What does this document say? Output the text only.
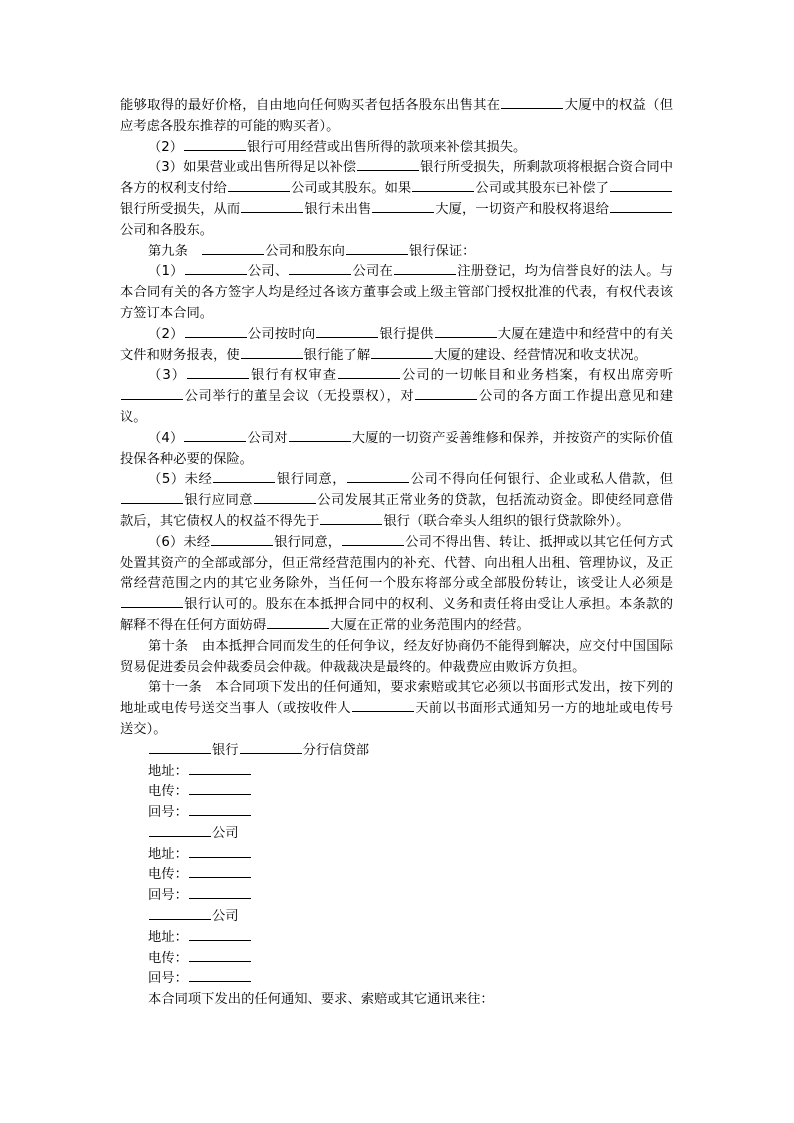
能够取得的最好价格，自由地向任何购买者包括各股东出售其在	大厦中的权益（但应考虑各股东推荐的可能的购买者）。

（2）	银行可用经营或出售所得的款项来补偿其损失。

（3）如果营业或出售所得足以补偿	银行所受损失，所剩款项将根据合资合同中各方的权利支付给	公司或其股东。如果	公司或其股东已补偿了银行所受损失，从而	银行未出售	大厦，一切资产和股权将退给公司和各股东。

第九条　	公司和股东向	银行保证：

（1）	公司、	公司在	注册登记，均为信誉良好的法人。与本合同有关的各方签字人均是经过各该方董事会或上级主管部门授权批准的代表，有权代表该方签订本合同。

（2）	公司按时向	银行提供	大厦在建造中和经营中的有关文件和财务报表，使	银行能了解	大厦的建设、经营情况和收支状况。

（3）	银行有权审查	公司的一切帐目和业务档案，有权出席旁听公司举行的董呈会议（无投票权），对	公司的各方面工作提出意见和建议。

（4）	公司对	大厦的一切资产妥善维修和保养，并按资产的实际价值投保各种必要的保险。

（5）未经	银行同意，	公司不得向任何银行、企业或私人借款，但银行应同意	公司发展其正常业务的贷款，包括流动资金。即使经同意借款后，其它债权人的权益不得先于	银行（联合牵头人组织的银行贷款除外）。

（6）未经	银行同意，	公司不得出售、转让、抵押或以其它任何方式处置其资产的全部或部分，但正常经营范围内的补充、代替、向出租人出租、管理协议，及正常经营范围之内的其它业务除外，当任何一个股东将部分或全部股份转让，该受让人必须是银行认可的。股东在本抵押合同中的权利、义务和责任将由受让人承担。本条款的解释不得在任何方面妨碍	大厦在正常的业务范围内的经营。

第十条　由本抵押合同而发生的任何争议，经友好协商仍不能得到解决，应交付中国国际贸易促进委员会仲裁委员会仲裁。仲裁裁决是最终的。仲裁费应由败诉方负担。

第十一条　本合同项下发出的任何通知，要求索赔或其它必须以书面形式发出，按下列的地址或电传号送交当事人（或按收件人	天前以书面形式通知另一方的地址或电传号送交）。

银行	分行信贷部

地址：

电传：

回号：

公司

地址：

电传：

回号：

公司

地址：

电传：

回号：

本合同项下发出的任何通知、要求、索赔或其它通讯来往：
